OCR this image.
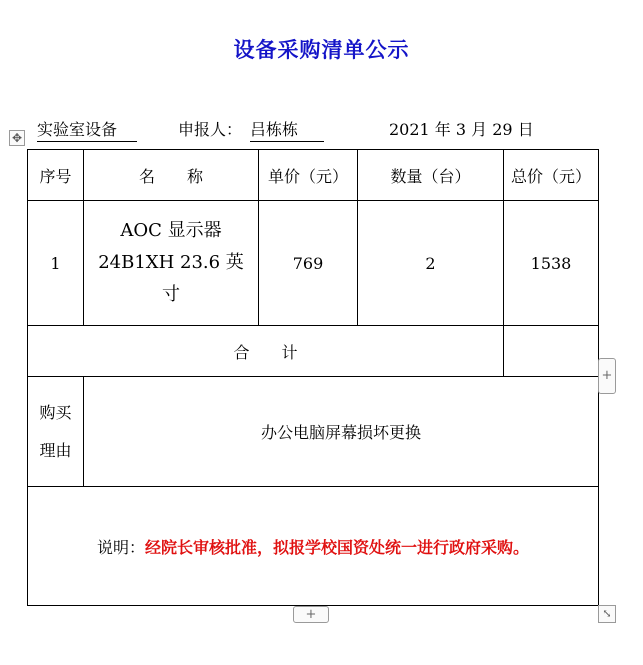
设备采购清单公示
✥ 实验室设备	申报人： 吕栋栋	2021 年 3 月 29 日
序号	名　　称	单价（元）	数量（台）	总价（元）
1	AOC 显示器
24B1XH 23.6 英
寸	769	2	1538
合　　计				

购买
理由	办公电脑屏幕损坏更换			
说明：经院长审核批准，拟报学校国资处统一进行政府采购。				
+
+	⤡
